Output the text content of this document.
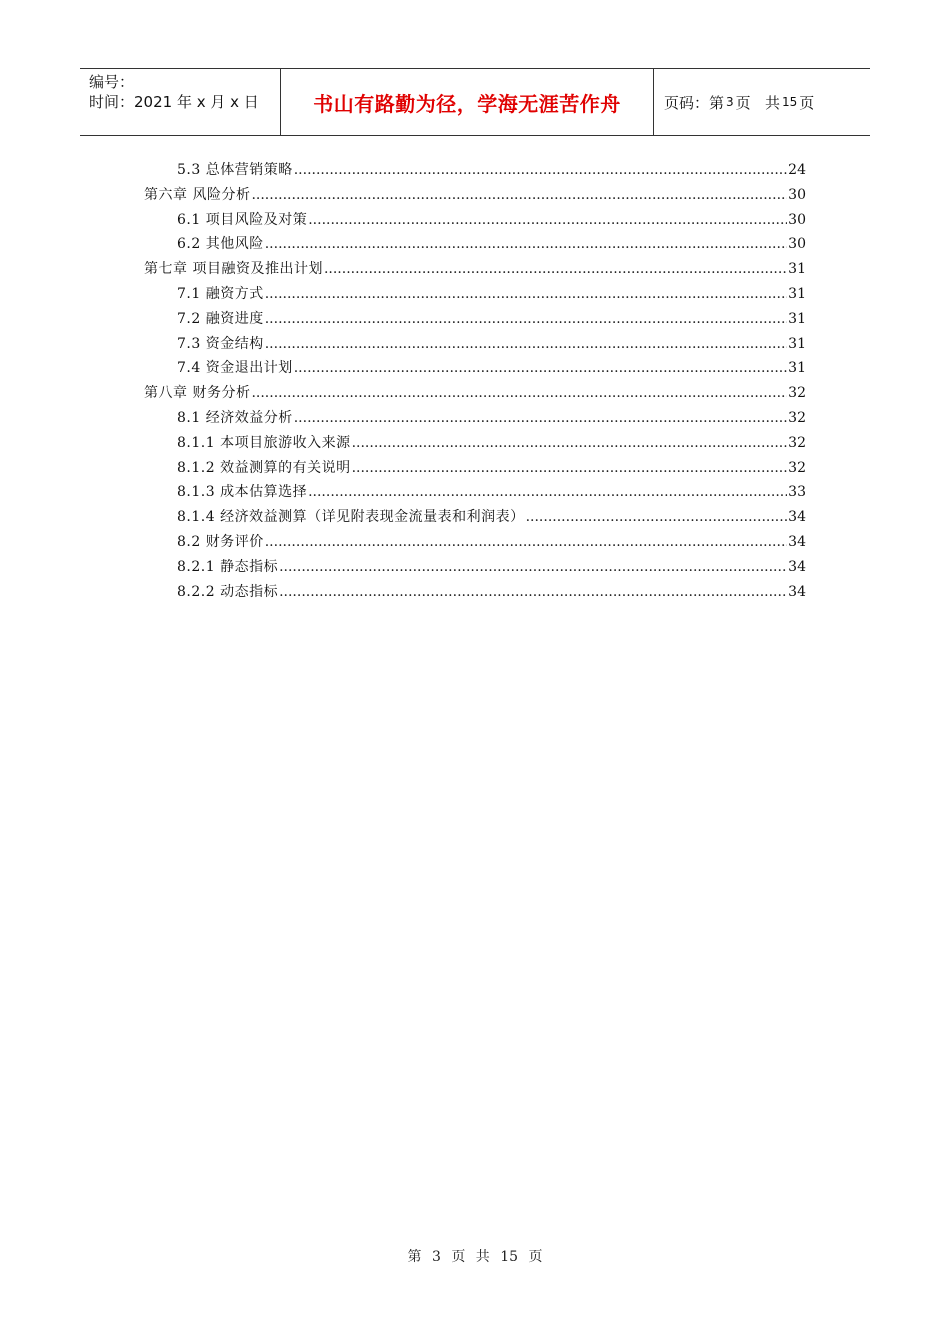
编号：
时间：2021 年 x 月 x 日	书山有路勤为径，学海无涯苦作舟	页码：第 3 页   共 15 页
5.3 总体营销策略 .....	24
第六章 风险分析 .....	30
6.1 项目风险及对策 .....	30
6.2 其他风险 .....	30
第七章 项目融资及推出计划 .....	31
7.1 融资方式 .....	31
7.2 融资进度 .....	31
7.3 资金结构 .....	31
7.4 资金退出计划 .....	31
第八章 财务分析 .....	32
8.1 经济效益分析 .....	32
8.1.1 本项目旅游收入来源 .....	32
8.1.2 效益测算的有关说明 .....	32
8.1.3 成本估算选择 .....	33
8.1.4 经济效益测算（详见附表现金流量表和利润表） .....	34
8.2 财务评价 .....	34
8.2.1 静态指标 .....	34
8.2.2 动态指标 .....	34
第 3 页 共 15 页
